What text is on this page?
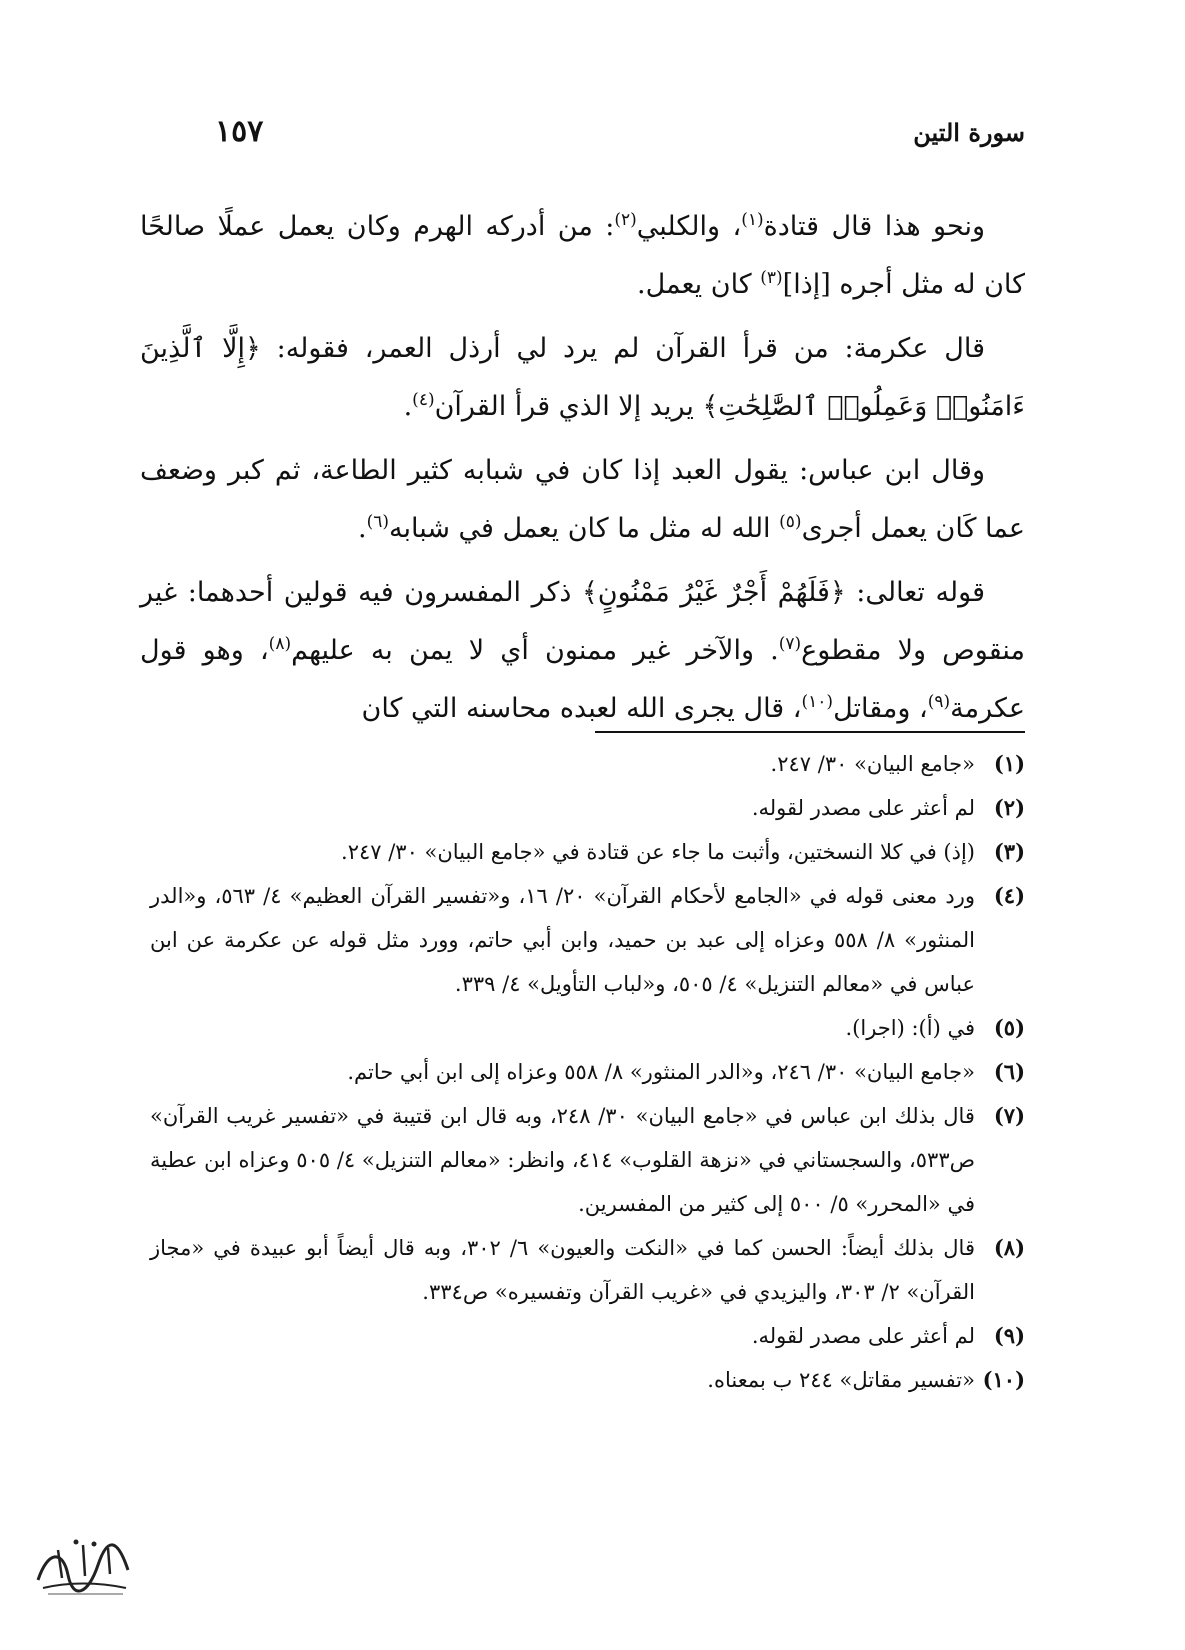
سورة التين
١٥٧

ونحو هذا قال قتادة$^{(١)}$، والكلبي$^{(٢)}$: من أدركه الهرم وكان يعمل عملًا صالحًا كان له مثل أجره [إذا]$^{(٣)}$ كان يعمل.

قال عكرمة: من قرأ القرآن لم يرد لي أرذل العمر، فقوله: ﴿إِلَّا ٱلَّذِينَ ءَامَنُوا۟ وَعَمِلُوا۟ ٱلصَّٰلِحَٰتِ﴾ يريد إلا الذي قرأ القرآن$^{(٤)}$.

وقال ابن عباس: يقول العبد إذا كان في شبابه كثير الطاعة، ثم كبر وضعف عما كَان يعمل أجرى$^{(٥)}$ الله له مثل ما كان يعمل في شبابه$^{(٦)}$.

قوله تعالى: ﴿فَلَهُمْ أَجْرٌ غَيْرُ مَمْنُونٍ﴾ ذكر المفسرون فيه قولين أحدهما: غير منقوص ولا مقطوع$^{(٧)}$. والآخر غير ممنون أي لا يمن به عليهم$^{(٨)}$، وهو قول عكرمة$^{(٩)}$، ومقاتل$^{(١٠)}$، قال يجرى الله لعبده محاسنه التي كان

(١)
«جامع البيان» ٣٠/ ٢٤٧.
(٢)
لم أعثر على مصدر لقوله.
(٣)
(إذ) في كلا النسختين، وأثبت ما جاء عن قتادة في «جامع البيان» ٣٠/ ٢٤٧.
(٤)
ورد معنى قوله في «الجامع لأحكام القرآن» ٢٠/ ١٦، و«تفسير القرآن العظيم» ٤/ ٥٦٣، و«الدر المنثور» ٨/ ٥٥٨ وعزاه إلى عبد بن حميد، وابن أبي حاتم، وورد مثل قوله عن عكرمة عن ابن عباس في «معالم التنزيل» ٤/ ٥٠٥، و«لباب التأويل» ٤/ ٣٣٩.
(٥)
في (أ): (اجرا).
(٦)
«جامع البيان» ٣٠/ ٢٤٦، و«الدر المنثور» ٨/ ٥٥٨ وعزاه إلى ابن أبي حاتم.
(٧)
قال بذلك ابن عباس في «جامع البيان» ٣٠/ ٢٤٨، وبه قال ابن قتيبة في «تفسير غريب القرآن» ص٥٣٣، والسجستاني في «نزهة القلوب» ٤١٤، وانظر: «معالم التنزيل» ٤/ ٥٠٥ وعزاه ابن عطية في «المحرر» ٥/ ٥٠٠ إلى كثير من المفسرين.
(٨)
قال بذلك أيضاً: الحسن كما في «النكت والعيون» ٦/ ٣٠٢، وبه قال أيضاً أبو عبيدة في «مجاز القرآن» ٢/ ٣٠٣، واليزيدي في «غريب القرآن وتفسيره» ص٣٣٤.
(٩)
لم أعثر على مصدر لقوله.
(١٠)
«تفسير مقاتل» ٢٤٤ ب بمعناه.
